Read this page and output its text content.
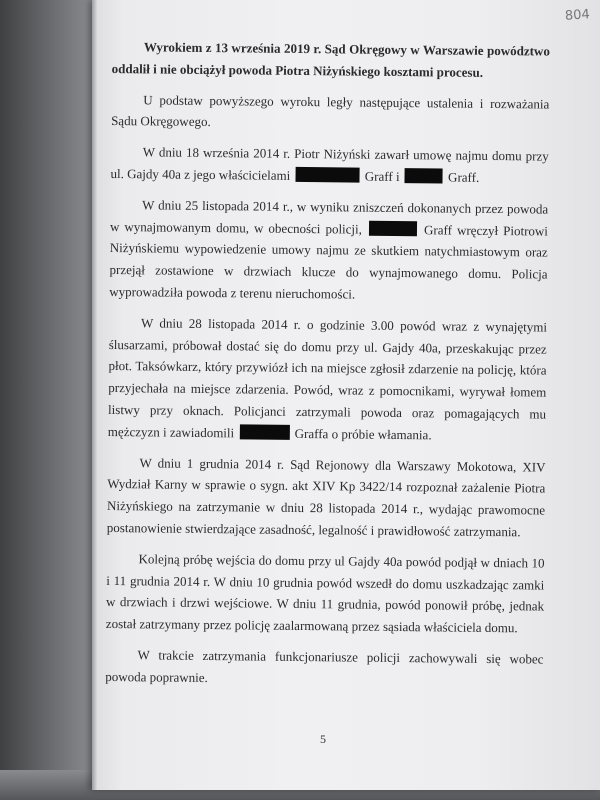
804

Wyrokiem z 13 września 2019 r. Sąd Okręgowy w Warszawie powództwo oddalił i nie obciążył powoda Piotra Niżyńskiego kosztami procesu.

U podstaw powyższego wyroku legły następujące ustalenia i rozważania Sądu Okręgowego.

W dniu 18 września 2014 r. Piotr Niżyński zawarł umowę najmu domu przy ul. Gajdy 40a z jego właścicielami	Graff i	Graff.

W dniu 25 listopada 2014 r., w wyniku zniszczeń dokonanych przez powoda w wynajmowanym domu, w obecności policji,	Graff wręczył Piotrowi Niżyńskiemu wypowiedzenie umowy najmu ze skutkiem natychmiastowym oraz przejął zostawione w drzwiach klucze do wynajmowanego domu. Policja wyprowadziła powoda z terenu nieruchomości.

W dniu 28 listopada 2014 r. o godzinie 3.00 powód wraz z wynajętymi ślusarzami, próbował dostać się do domu przy ul. Gajdy 40a, przeskakując przez płot. Taksówkarz, który przywiózł ich na miejsce zgłosił zdarzenie na policję, która przyjechała na miejsce zdarzenia. Powód, wraz z pomocnikami, wyrywał łomem listwy przy oknach. Policjanci zatrzymali powoda oraz pomagających mu mężczyzn i zawiadomili	Graffa o próbie włamania.

W dniu 1 grudnia 2014 r. Sąd Rejonowy dla Warszawy Mokotowa, XIV Wydział Karny w sprawie o sygn. akt XIV Kp 3422/14 rozpoznał zażalenie Piotra Niżyńskiego na zatrzymanie w dniu 28 listopada 2014 r., wydając prawomocne postanowienie stwierdzające zasadność, legalność i prawidłowość zatrzymania.

Kolejną próbę wejścia do domu przy ul Gajdy 40a powód podjął w dniach 10 i 11 grudnia 2014 r. W dniu 10 grudnia powód wszedł do domu uszkadzając zamki w drzwiach i drzwi wejściowe. W dniu 11 grudnia, powód ponowił próbę, jednak został zatrzymany przez policję zaalarmowaną przez sąsiada właściciela domu.

W trakcie zatrzymania funkcjonariusze policji zachowywali się wobec powoda poprawnie.

5
